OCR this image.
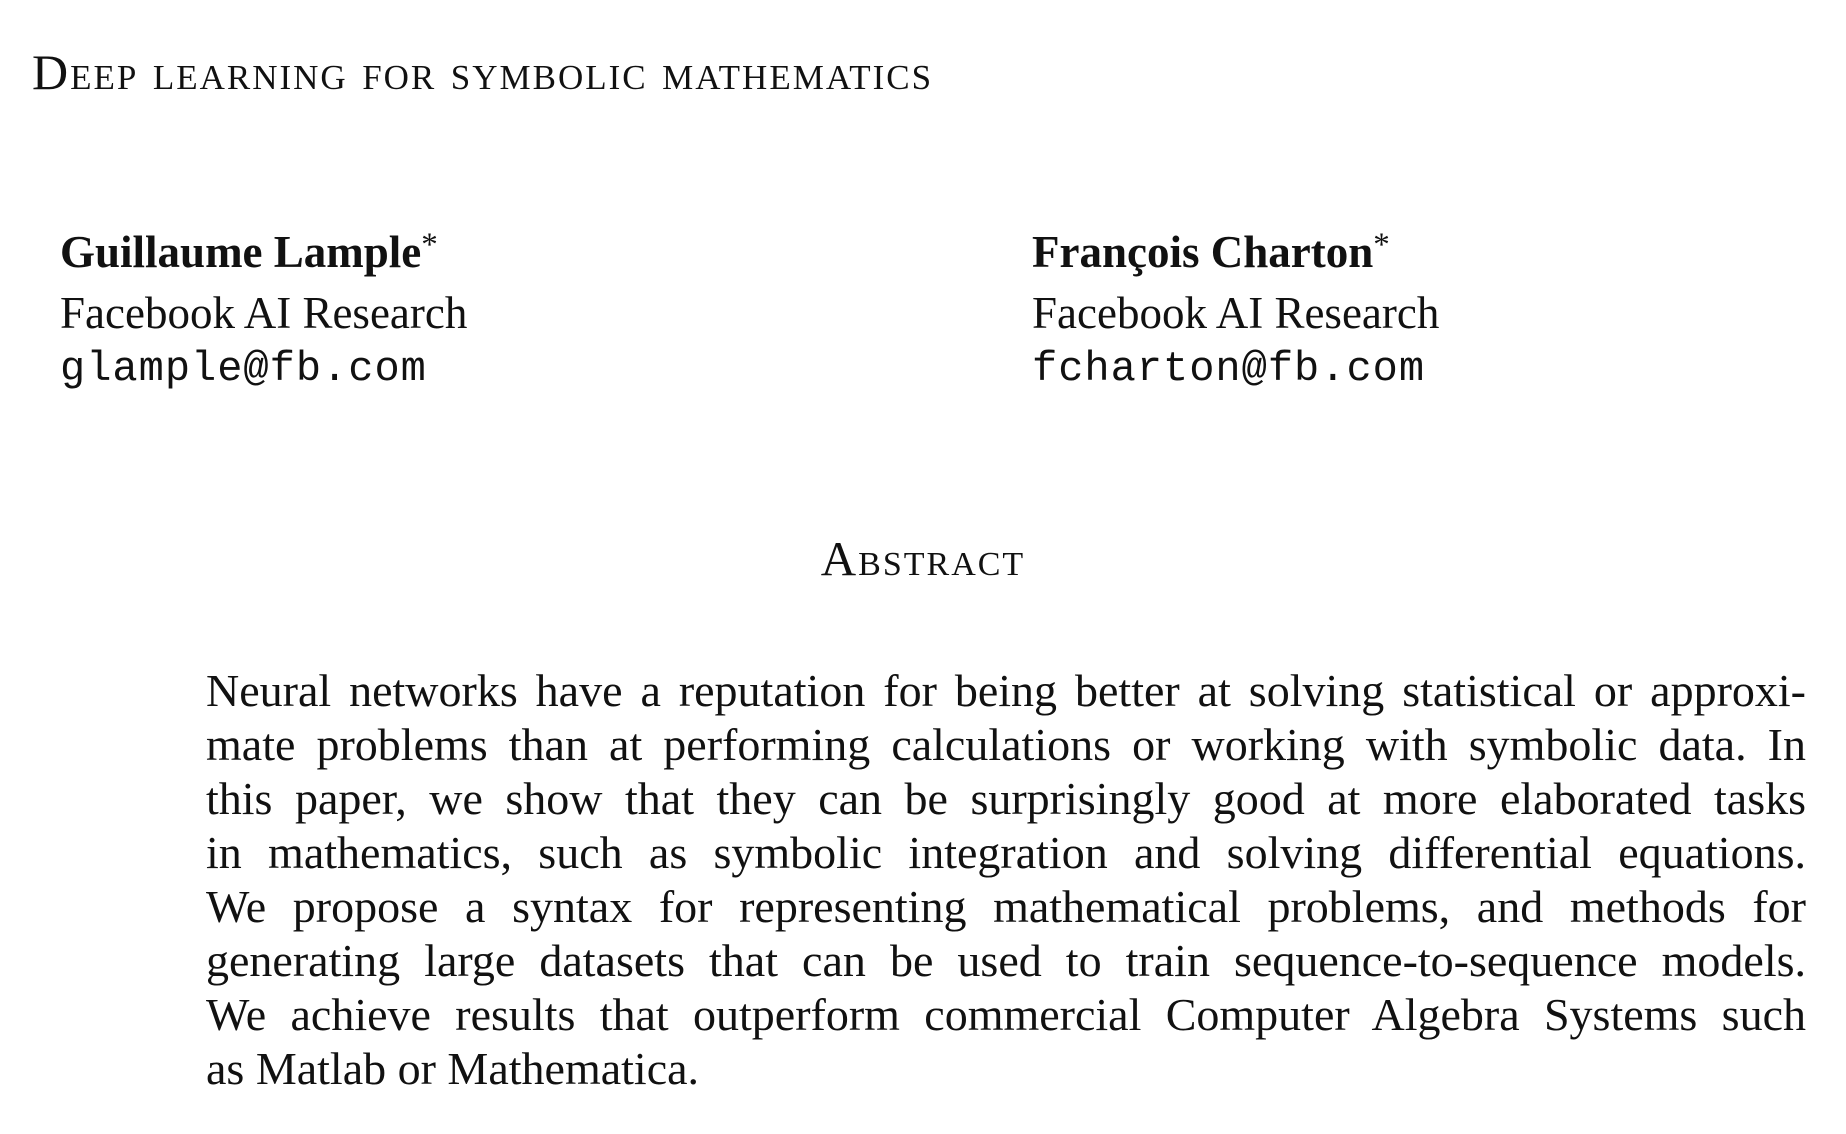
Deep learning for symbolic mathematics
Guillaume Lample*
Facebook AI Research
glample@fb.com
François Charton*
Facebook AI Research
fcharton@fb.com
Abstract
Neural networks have a reputation for being better at solving statistical or approxi-
mate problems than at performing calculations or working with symbolic data. In
this paper, we show that they can be surprisingly good at more elaborated tasks
in mathematics, such as symbolic integration and solving differential equations.
We propose a syntax for representing mathematical problems, and methods for
generating large datasets that can be used to train sequence-to-sequence models.
We achieve results that outperform commercial Computer Algebra Systems such
as Matlab or Mathematica.
